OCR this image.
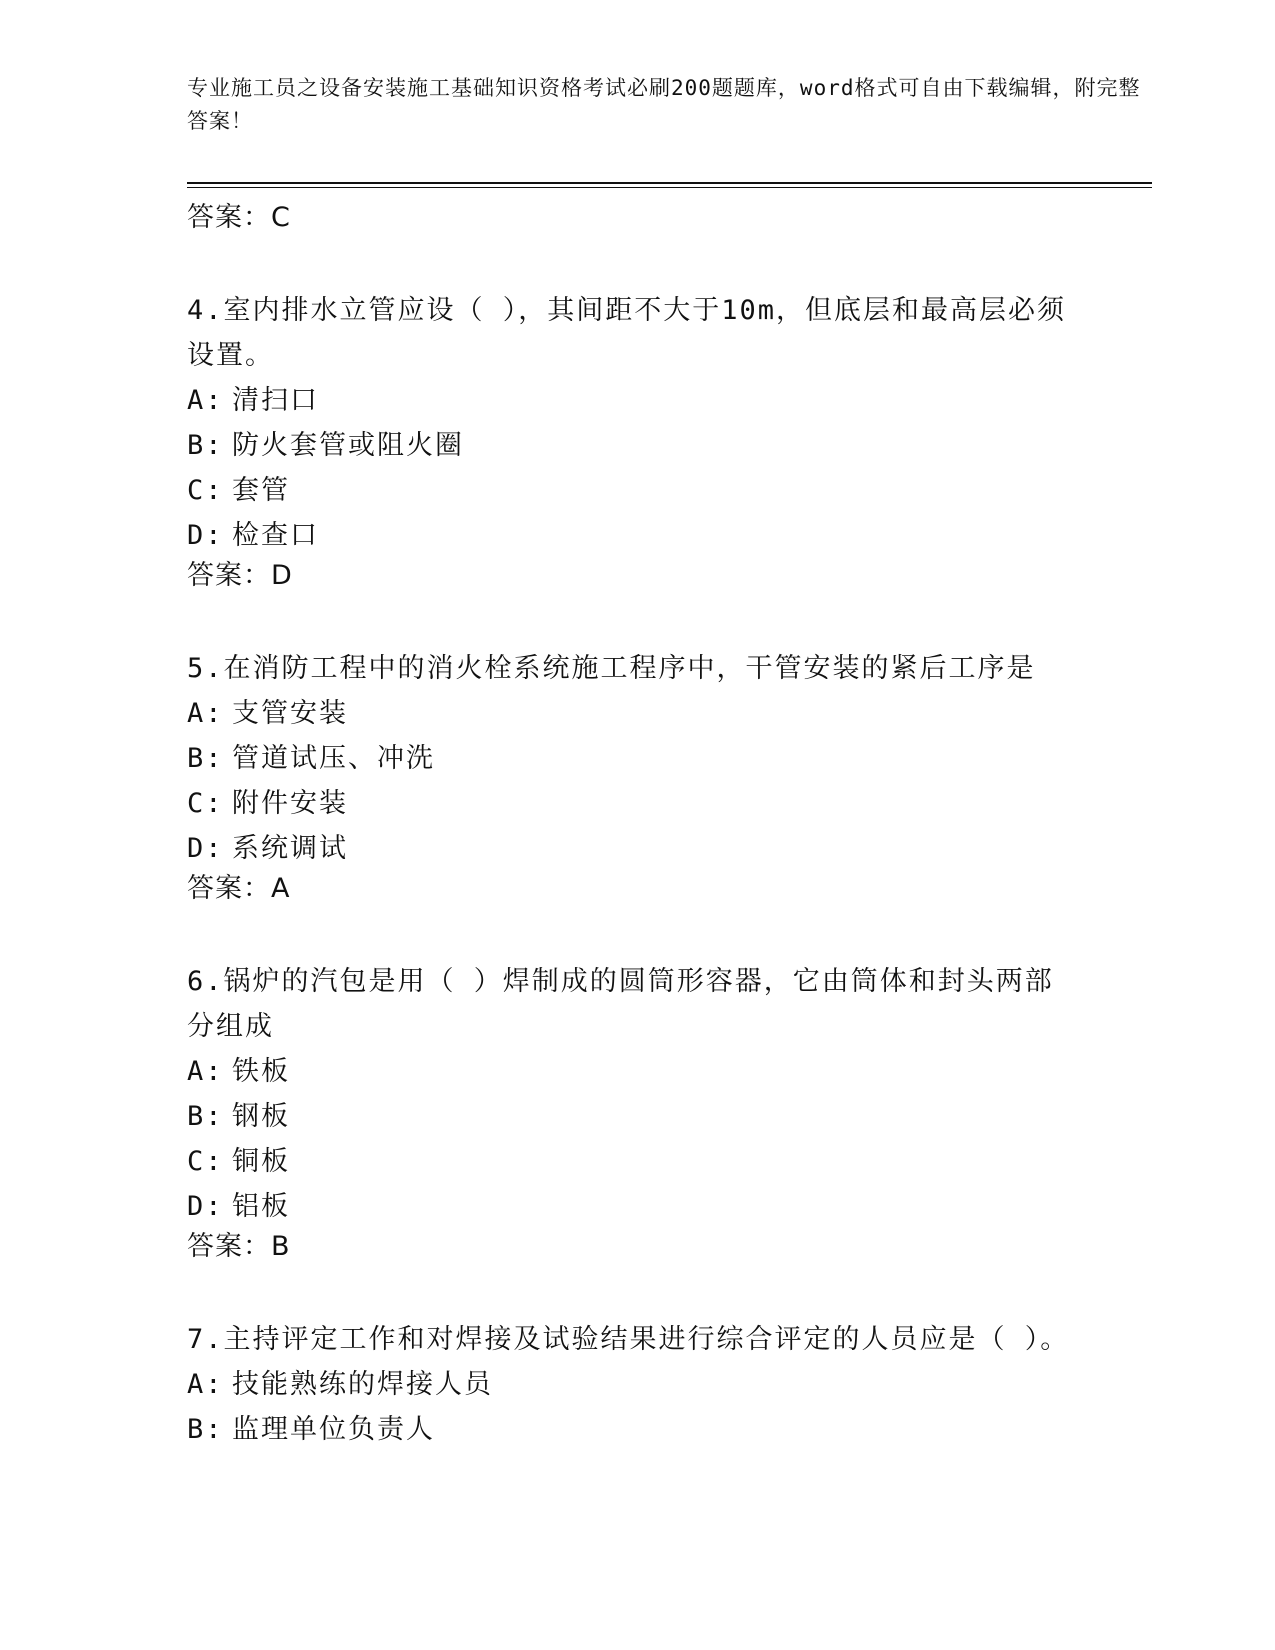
专业施工员之设备安装施工基础知识资格考试必刷200题题库，word格式可自由下载编辑，附完整答案！
答案：C
4.室内排水立管应设（ ），其间距不大于10m，但底层和最高层必须设置。
A: 清扫口
B: 防火套管或阻火圈
C: 套管
D: 检查口
答案：D
5.在消防工程中的消火栓系统施工程序中，干管安装的紧后工序是
A: 支管安装
B: 管道试压、冲洗
C: 附件安装
D: 系统调试
答案：A
6.锅炉的汽包是用（ ）焊制成的圆筒形容器，它由筒体和封头两部分组成
A: 铁板
B: 钢板
C: 铜板
D: 铝板
答案：B
7.主持评定工作和对焊接及试验结果进行综合评定的人员应是（ ）。
A: 技能熟练的焊接人员
B: 监理单位负责人
